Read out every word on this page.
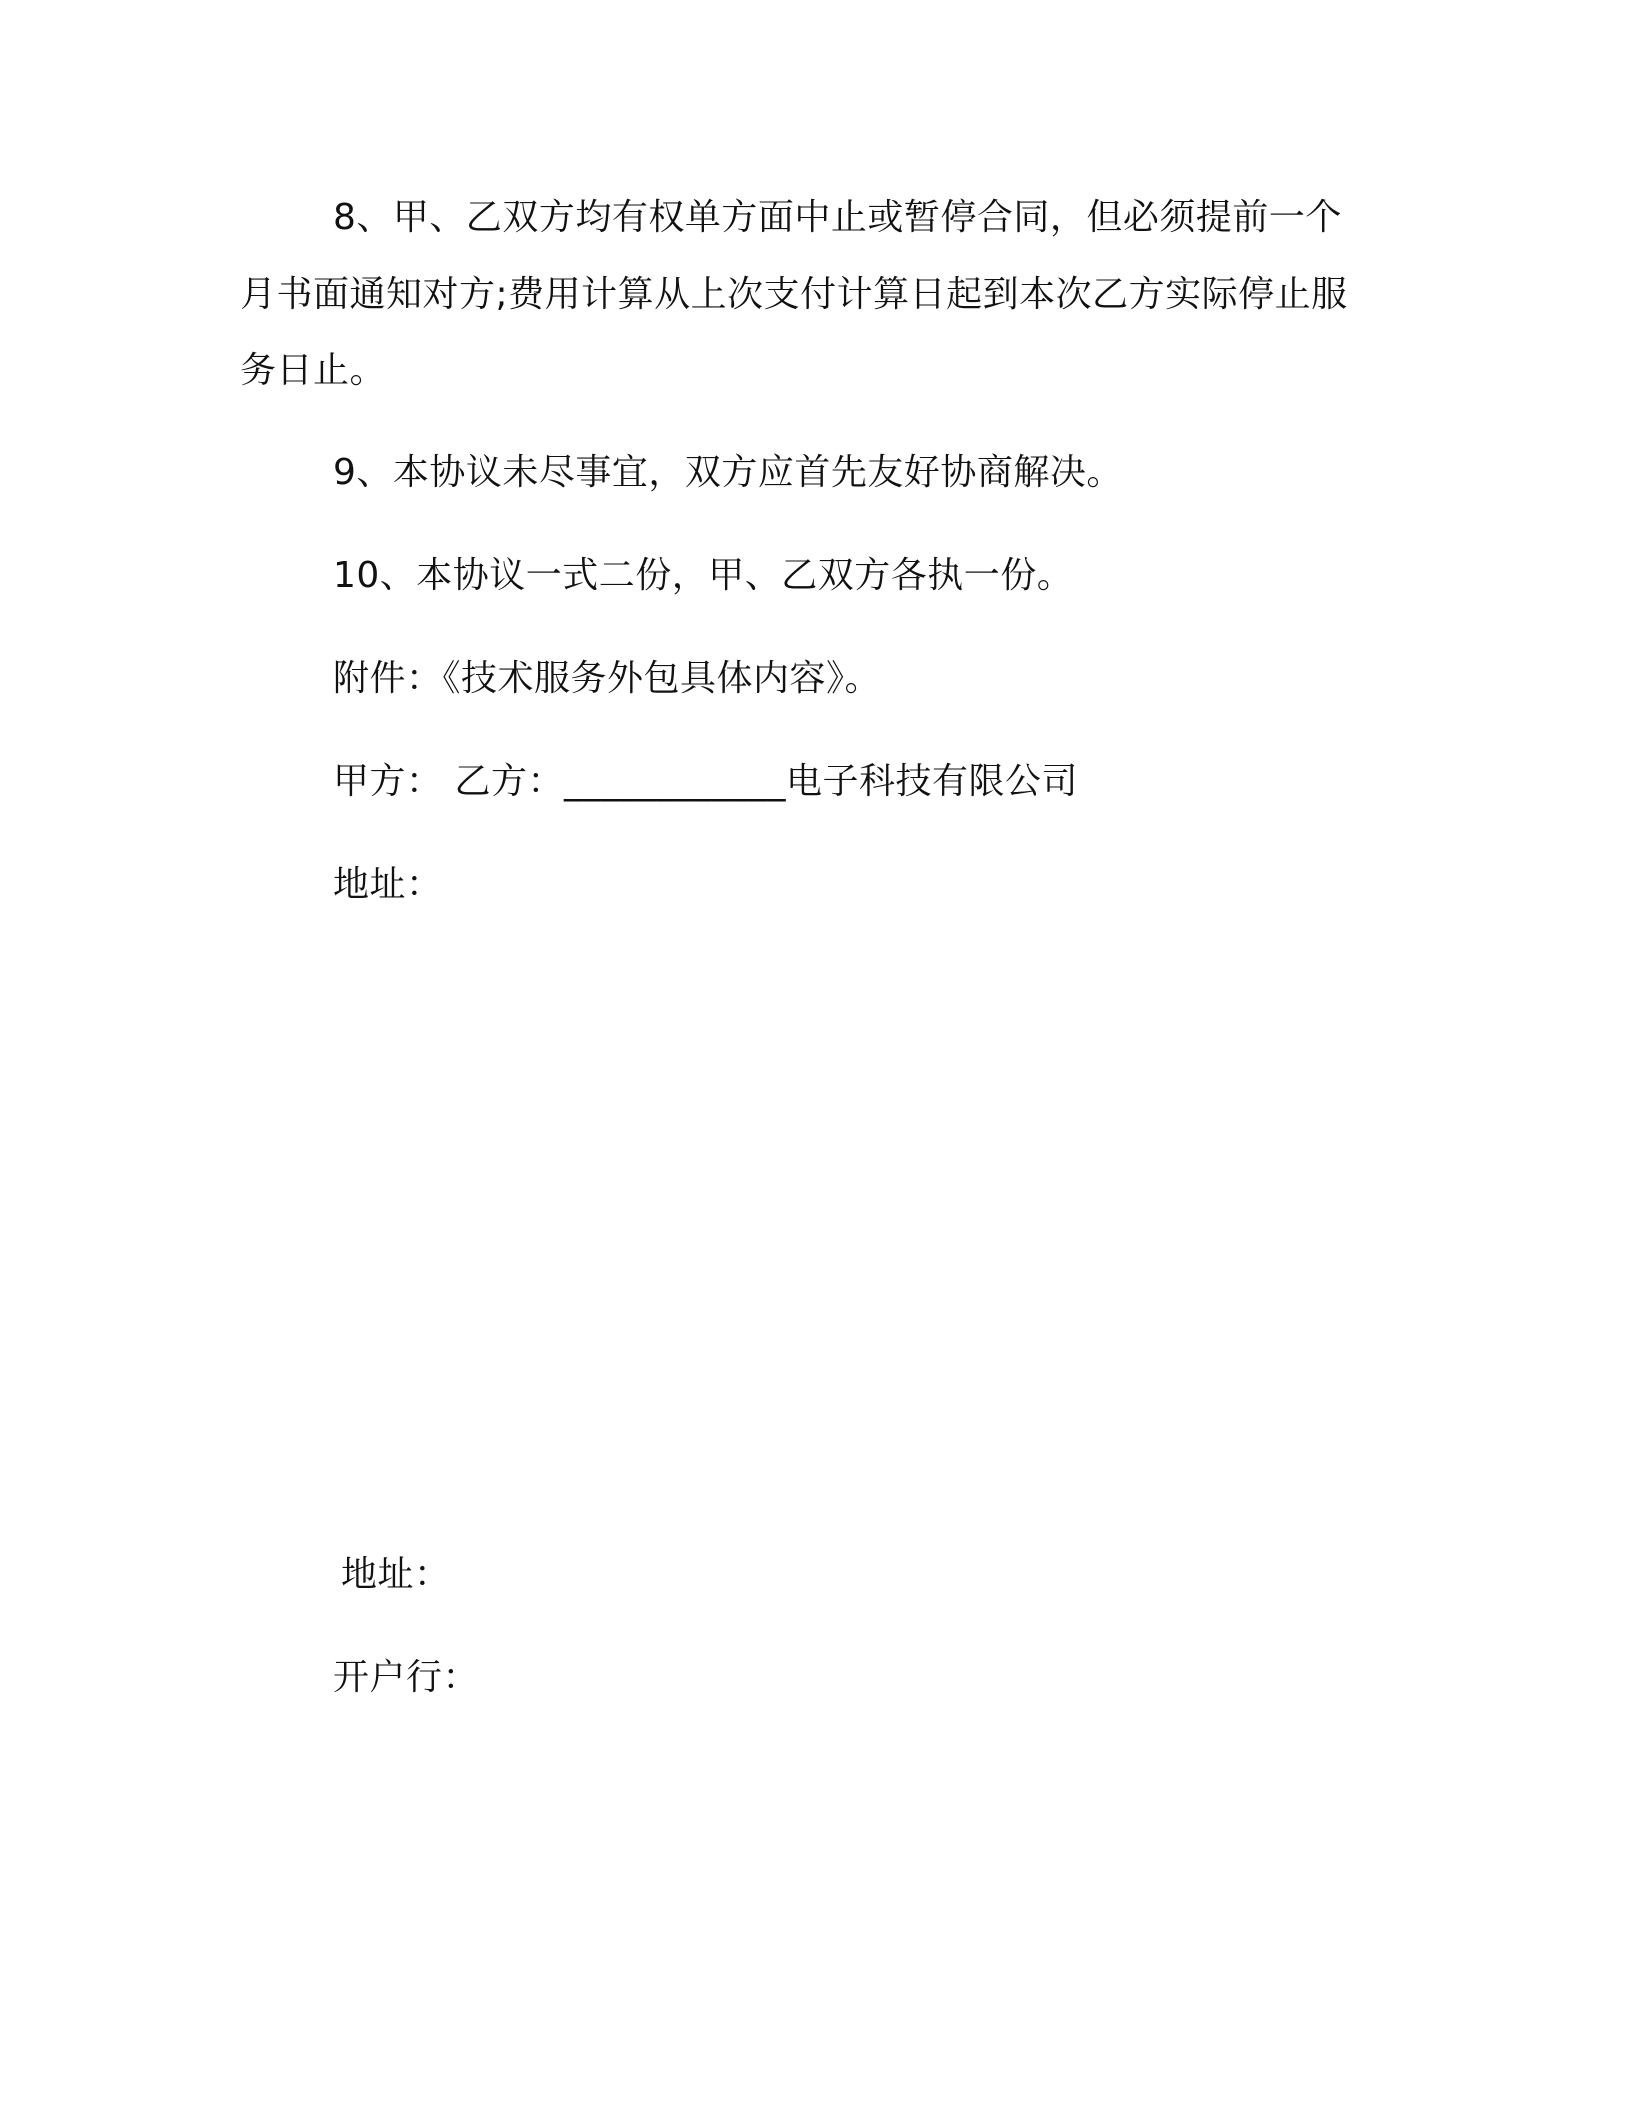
8、甲、乙双方均有权单方面中止或暂停合同，但必须提前一个
月书面通知对方;费用计算从上次支付计算日起到本次乙方实际停止服
务日止。
9、本协议未尽事宜，双方应首先友好协商解决。
10、本协议一式二份，甲、乙双方各执一份。
附件：《技术服务外包具体内容》。
甲方： 乙方：____________电子科技有限公司
地址：
地址：
开户行：
